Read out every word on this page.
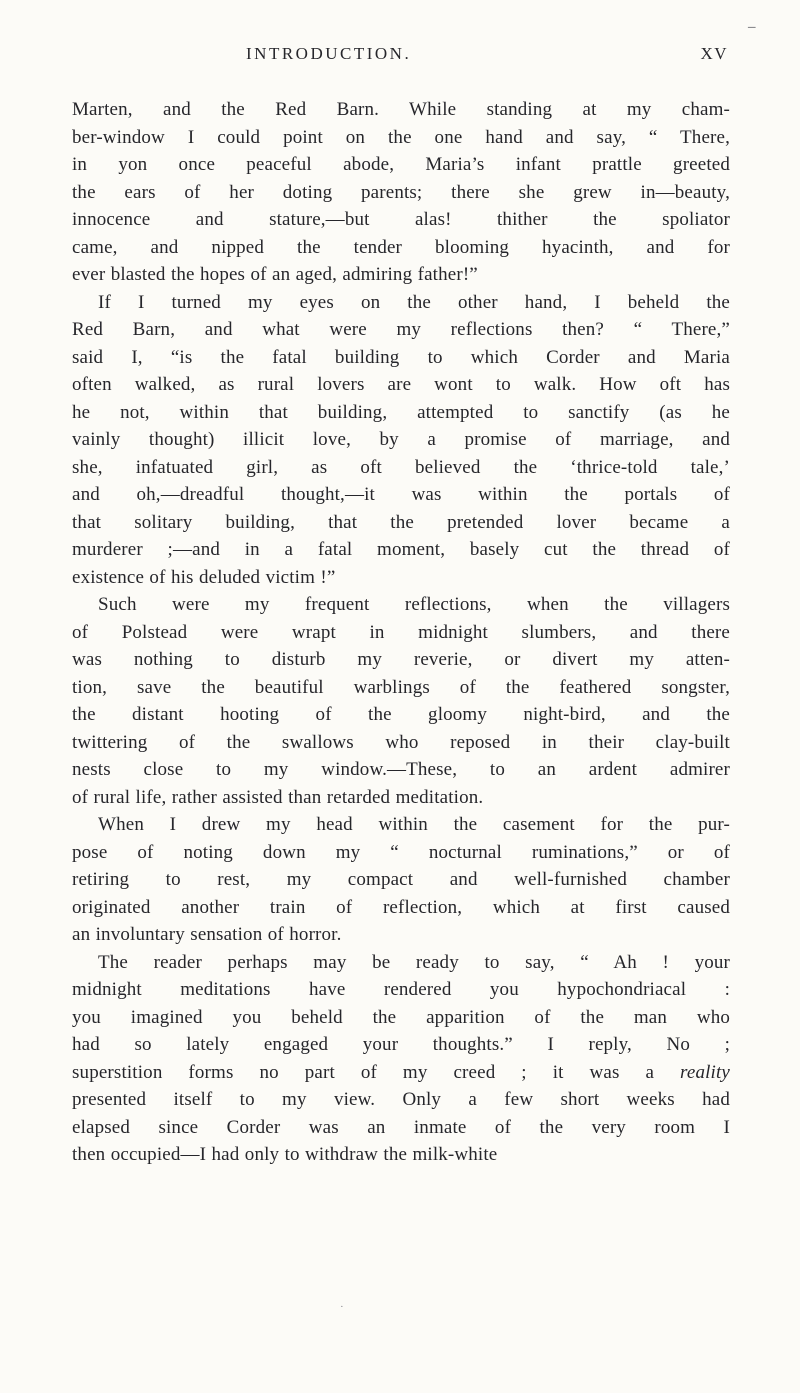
INTRODUCTION.	XV
Marten, and the Red Barn. While standing at my cham-
ber-window I could point on the one hand and say, “ There,
in yon once peaceful abode, Maria’s infant prattle greeted
the ears of her doting parents; there she grew in—beauty,
innocence and stature,—but alas! thither the spoliator
came, and nipped the tender blooming hyacinth, and for
ever blasted the hopes of an aged, admiring father!”
If I turned my eyes on the other hand, I beheld the
Red Barn, and what were my reflections then? “ There,”
said I, “is the fatal building to which Corder and Maria
often walked, as rural lovers are wont to walk. How oft has
he not, within that building, attempted to sanctify (as he
vainly thought) illicit love, by a promise of marriage, and
she, infatuated girl, as oft believed the ‘thrice-told tale,’
and oh,—dreadful thought,—it was within the portals of
that solitary building, that the pretended lover became a
murderer ;—and in a fatal moment, basely cut the thread of
existence of his deluded victim !”
Such were my frequent reflections, when the villagers
of Polstead were wrapt in midnight slumbers, and there
was nothing to disturb my reverie, or divert my atten-
tion, save the beautiful warblings of the feathered songster,
the distant hooting of the gloomy night-bird, and the
twittering of the swallows who reposed in their clay-built
nests close to my window.—These, to an ardent admirer
of rural life, rather assisted than retarded meditation.
When I drew my head within the casement for the pur-
pose of noting down my “ nocturnal ruminations,” or of
retiring to rest, my compact and well-furnished chamber
originated another train of reflection, which at first caused
an involuntary sensation of horror.
The reader perhaps may be ready to say, “ Ah ! your
midnight meditations have rendered you hypochondriacal :
you imagined you beheld the apparition of the man who
had so lately engaged your thoughts.” I reply, No ;
superstition forms no part of my creed ; it was a reality
presented itself to my view. Only a few short weeks had
elapsed since Corder was an inmate of the very room I
then occupied—I had only to withdraw the milk-white
–
·
